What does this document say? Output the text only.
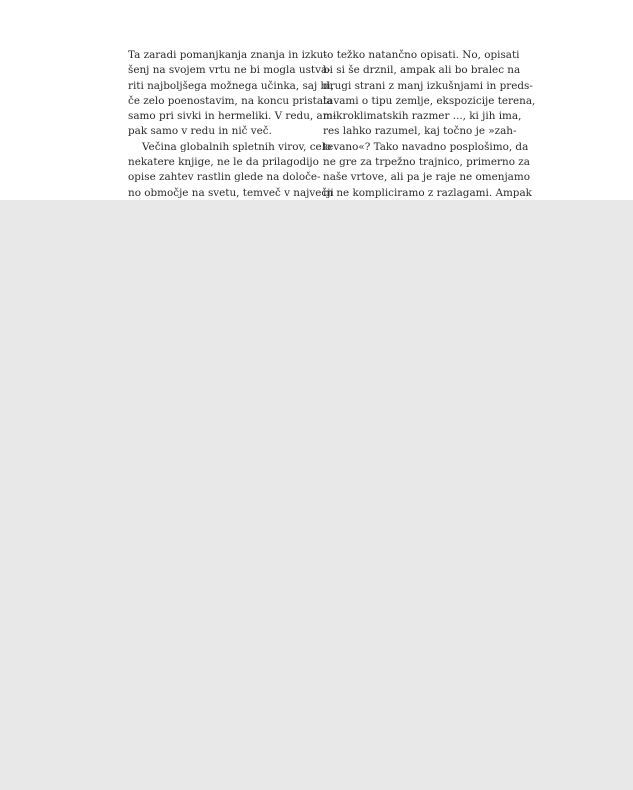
Ta zaradi pomanjkanja znanja in izku-
šenj na svojem vrtu ne bi mogla ustva-
riti najboljšega možnega učinka, saj bi,
če zelo poenostavim, na koncu pristala
samo pri sivki in hermeliki. V redu, am-
pak samo v redu in nič več.
Večina globalnih spletnih virov, celo
nekatere knjige, ne le da prilagodijo
opise zahtev rastlin glede na določe-
no območje na svetu, temveč v največji
to težko natančno opisati. No, opisati
bi si še drznil, ampak ali bo bralec na
drugi strani z manj izkušnjami in preds-
tavami o tipu zemlje, ekspozicije terena,
mikroklimatskih razmer ..., ki jih ima,
res lahko razumel, kaj točno je »zah-
tevano«? Tako navadno posplošimo, da
ne gre za trpežno trajnico, primerno za
naše vrtove, ali pa je raje ne omenjamo
in ne kompliciramo z razlagami. Ampak
